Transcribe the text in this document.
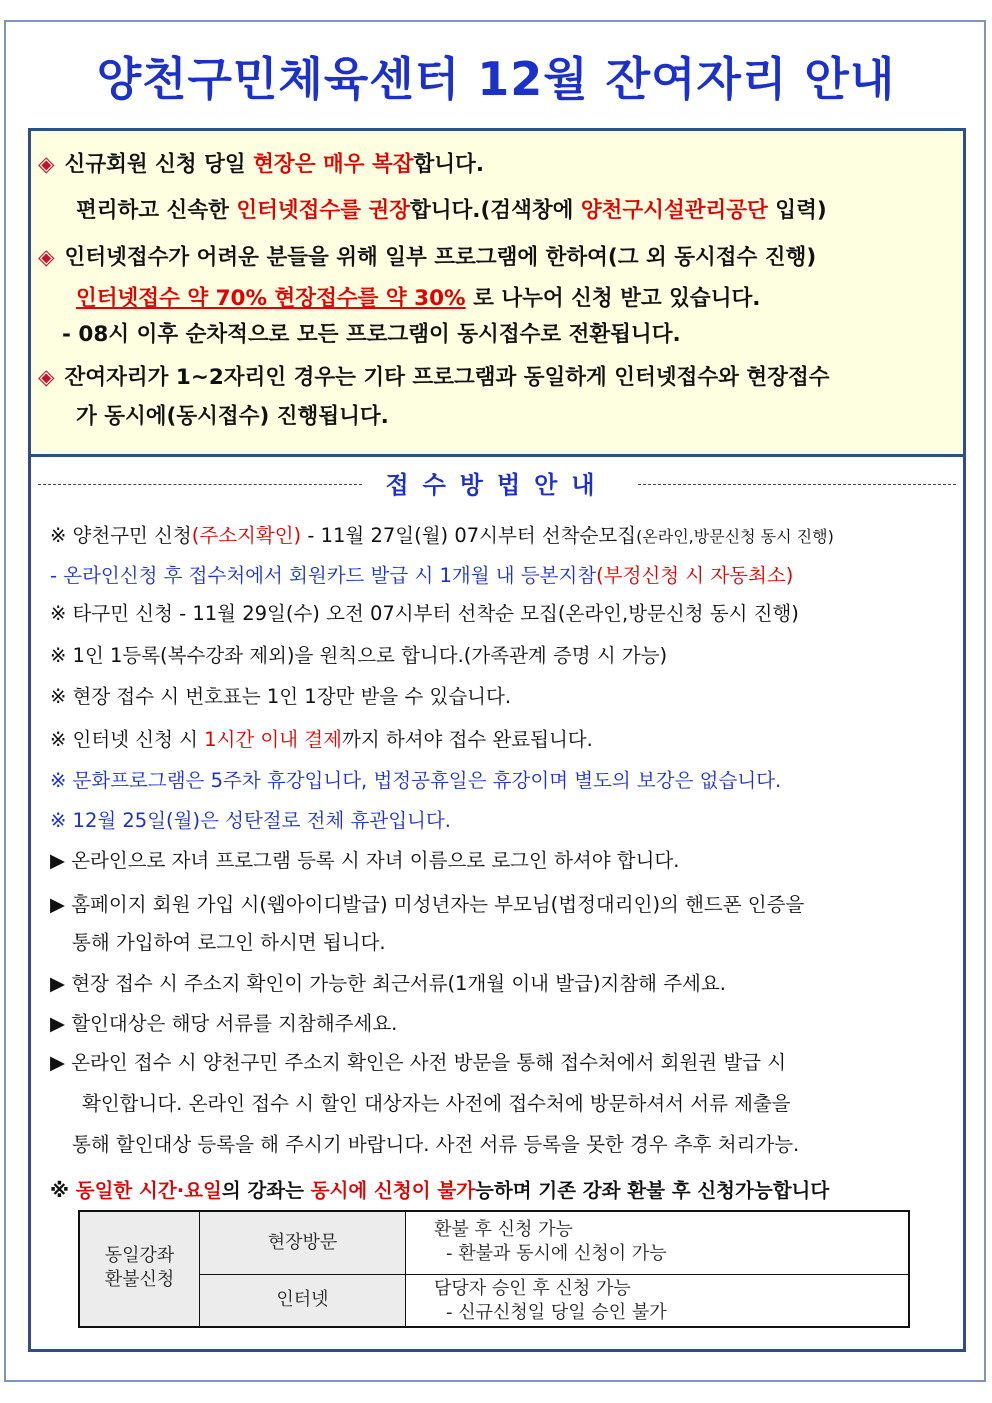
양천구민체육센터 12월 잔여자리 안내
◈ 신규회원 신청 당일 현장은 매우 복잡합니다.
편리하고 신속한 인터넷접수를 권장합니다.(검색창에 양천구시설관리공단 입력)
◈ 인터넷접수가 어려운 분들을 위해 일부 프로그램에 한하여(그 외 동시접수 진행)
인터넷접수 약 70% 현장접수를 약 30% 로 나누어 신청 받고 있습니다.
- 08시 이후 순차적으로 모든 프로그램이 동시접수로 전환됩니다.
◈ 잔여자리가 1~2자리인 경우는 기타 프로그램과 동일하게 인터넷접수와 현장접수
가 동시에(동시접수) 진행됩니다.
접수방법안내
※ 양천구민 신청(주소지확인) - 11월 27일(월) 07시부터 선착순모집(온라인,방문신청 동시 진행)
- 온라인신청 후 접수처에서 회원카드 발급 시 1개월 내 등본지참(부정신청 시 자동최소)
※ 타구민 신청 - 11월 29일(수) 오전 07시부터 선착순 모집(온라인,방문신청 동시 진행)
※ 1인 1등록(복수강좌 제외)을 원칙으로 합니다.(가족관계 증명 시 가능)
※ 현장 접수 시 번호표는 1인 1장만 받을 수 있습니다.
※ 인터넷 신청 시 1시간 이내 결제까지 하셔야 접수 완료됩니다.
※ 문화프로그램은 5주차 휴강입니다, 법정공휴일은 휴강이며 별도의 보강은 없습니다.
※ 12월 25일(월)은 성탄절로 전체 휴관입니다.
▶ 온라인으로 자녀 프로그램 등록 시 자녀 이름으로 로그인 하셔야 합니다.
▶ 홈페이지 회원 가입 시(웹아이디발급) 미성년자는 부모님(법정대리인)의 핸드폰 인증을
통해 가입하여 로그인 하시면 됩니다.
▶ 현장 접수 시 주소지 확인이 가능한 최근서류(1개월 이내 발급)지참해 주세요.
▶ 할인대상은 해당 서류를 지참해주세요.
▶ 온라인 접수 시 양천구민 주소지 확인은 사전 방문을 통해 접수처에서 회원권 발급 시
확인합니다. 온라인 접수 시 할인 대상자는 사전에 접수처에 방문하셔서 서류 제출을
통해 할인대상 등록을 해 주시기 바랍니다. 사전 서류 등록을 못한 경우 추후 처리가능.
※ 동일한 시간·요일의 강좌는 동시에 신청이 불가능하며 기존 강좌 환불 후 신청가능합니다
동일강좌
환불신청
현장방문
환불 후 신청 가능
- 환불과 동시에 신청이 가능
인터넷
담당자 승인 후 신청 가능
- 신규신청일 당일 승인 불가
